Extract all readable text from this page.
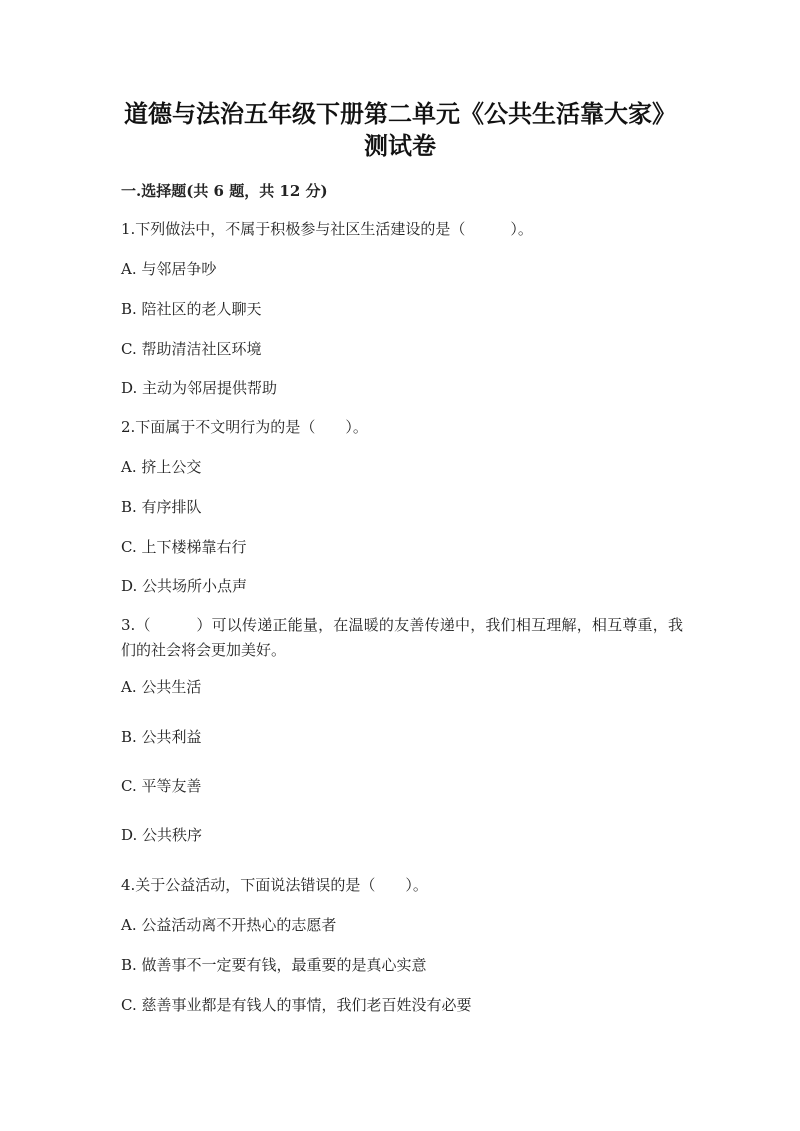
道德与法治五年级下册第二单元《公共生活靠大家》测试卷
一.选择题(共 6 题，共 12 分)
1.下列做法中，不属于积极参与社区生活建设的是（　　　）。
A. 与邻居争吵
B. 陪社区的老人聊天
C. 帮助清洁社区环境
D. 主动为邻居提供帮助
2.下面属于不文明行为的是（　　）。
A. 挤上公交
B. 有序排队
C. 上下楼梯靠右行
D. 公共场所小点声
3.（　　　）可以传递正能量，在温暖的友善传递中，我们相互理解，相互尊重，我们的社会将会更加美好。
A. 公共生活
B. 公共利益
C. 平等友善
D. 公共秩序
4.关于公益活动，下面说法错误的是（　　）。
A. 公益活动离不开热心的志愿者
B. 做善事不一定要有钱，最重要的是真心实意
C. 慈善事业都是有钱人的事情，我们老百姓没有必要
